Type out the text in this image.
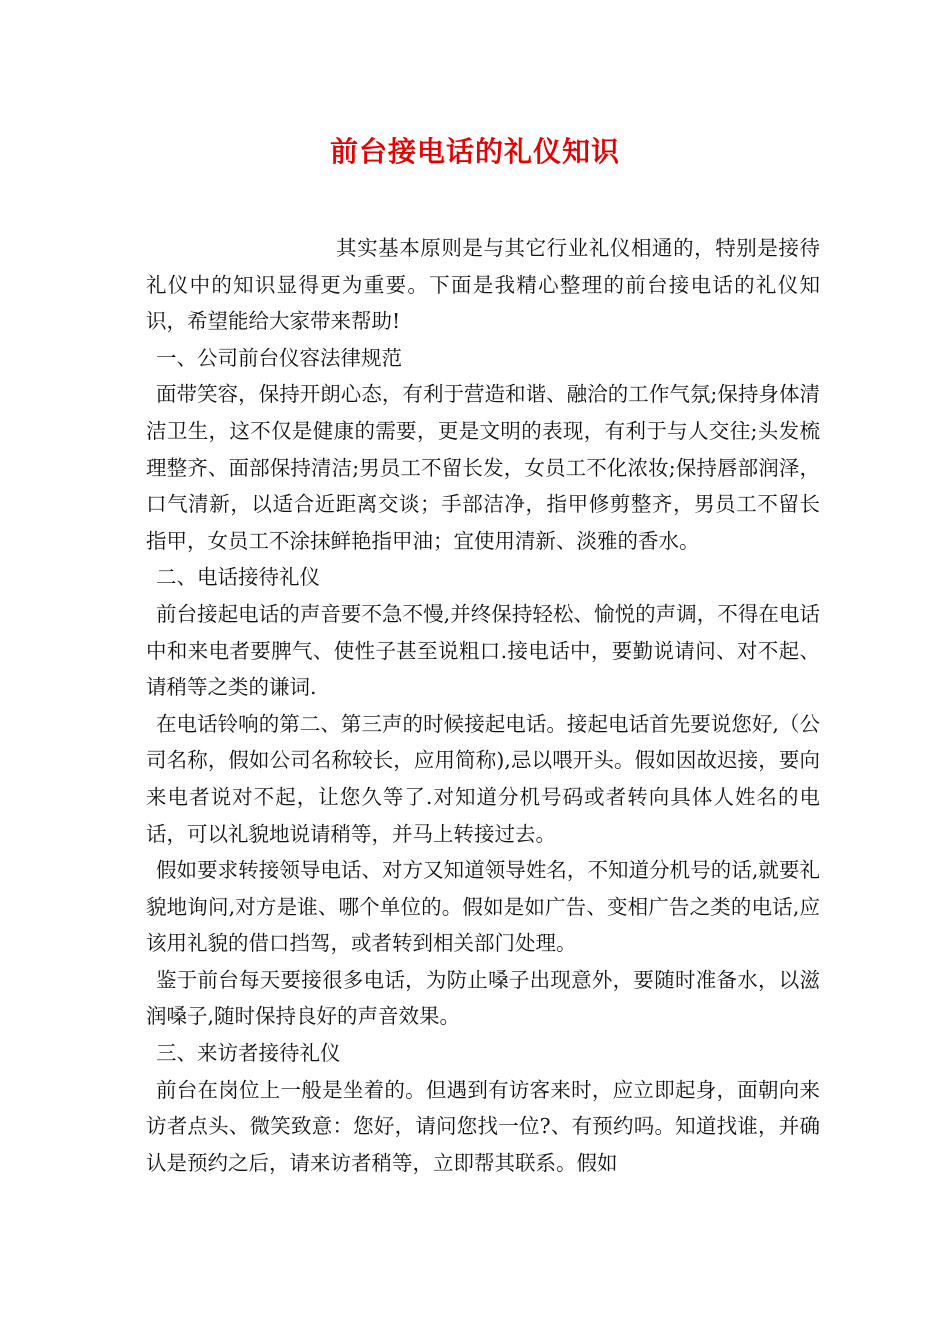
前台接电话的礼仪知识

其实基本原则是与其它行业礼仪相通的，特别是接待礼仪中的知识显得更为重要。下面是我精心整理的前台接电话的礼仪知识，希望能给大家带来帮助!

一、公司前台仪容法律规范

面带笑容，保持开朗心态，有利于营造和谐、融洽的工作气氛;保持身体清洁卫生，这不仅是健康的需要，更是文明的表现，有利于与人交往;头发梳理整齐、面部保持清洁;男员工不留长发，女员工不化浓妆;保持唇部润泽，口气清新，以适合近距离交谈；手部洁净，指甲修剪整齐，男员工不留长指甲，女员工不涂抹鲜艳指甲油；宜使用清新、淡雅的香水。

二、电话接待礼仪

前台接起电话的声音要不急不慢,并终保持轻松、愉悦的声调，不得在电话中和来电者要脾气、使性子甚至说粗口.接电话中，要勤说请问、对不起、请稍等之类的谦词.

在电话铃响的第二、第三声的时候接起电话。接起电话首先要说您好,（公司名称，假如公司名称较长，应用简称),忌以喂开头。假如因故迟接，要向来电者说对不起，让您久等了.对知道分机号码或者转向具体人姓名的电话，可以礼貌地说请稍等，并马上转接过去。

假如要求转接领导电话、对方又知道领导姓名，不知道分机号的话,就要礼貌地询问,对方是谁、哪个单位的。假如是如广告、变相广告之类的电话,应该用礼貌的借口挡驾，或者转到相关部门处理。

鉴于前台每天要接很多电话，为防止嗓子出现意外，要随时准备水，以滋润嗓子,随时保持良好的声音效果。

三、来访者接待礼仪

前台在岗位上一般是坐着的。但遇到有访客来时，应立即起身，面朝向来访者点头、微笑致意：您好，请问您找一位?、有预约吗。知道找谁，并确认是预约之后，请来访者稍等，立即帮其联系。假如
